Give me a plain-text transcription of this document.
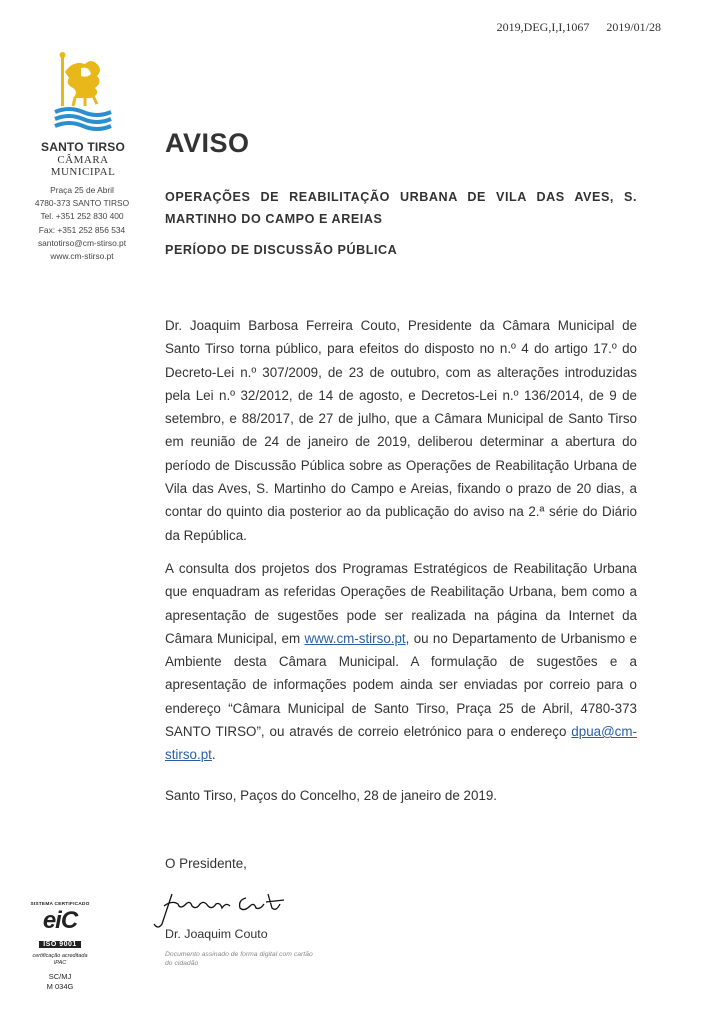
2019,DEG,I,I,1067 2019/01/28
SANTO TIRSO
CÂMARA MUNICIPAL
Praça 25 de Abril
4780-373 SANTO TIRSO
Tel. +351 252 830 400
Fax: +351 252 856 534
santotirso@cm-stirso.pt
www.cm-stirso.pt
AVISO
OPERAÇÕES DE REABILITAÇÃO URBANA DE VILA DAS AVES, S. MARTINHO DO CAMPO E AREIAS
PERÍODO DE DISCUSSÃO PÚBLICA

Dr. Joaquim Barbosa Ferreira Couto, Presidente da Câmara Municipal de Santo Tirso torna público, para efeitos do disposto no n.º 4 do artigo 17.º do Decreto-Lei n.º 307/2009, de 23 de outubro, com as alterações introduzidas pela Lei n.º 32/2012, de 14 de agosto, e Decretos-Lei n.º 136/2014, de 9 de setembro, e 88/2017, de 27 de julho, que a Câmara Municipal de Santo Tirso em reunião de 24 de janeiro de 2019, deliberou determinar a abertura do período de Discussão Pública sobre as Operações de Reabilitação Urbana de Vila das Aves, S. Martinho do Campo e Areias, fixando o prazo de 20 dias, a contar do quinto dia posterior ao da publicação do aviso na 2.ª série do Diário da República.

A consulta dos projetos dos Programas Estratégicos de Reabilitação Urbana que enquadram as referidas Operações de Reabilitação Urbana, bem como a apresentação de sugestões pode ser realizada na página da Internet da Câmara Municipal, em www.cm-stirso.pt, ou no Departamento de Urbanismo e Ambiente desta Câmara Municipal. A formulação de sugestões e a apresentação de informações podem ainda ser enviadas por correio para o endereço “Câmara Municipal de Santo Tirso, Praça 25 de Abril, 4780-373 SANTO TIRSO”, ou através de correio eletrónico para o endereço dpua@cm-stirso.pt.

Santo Tirso, Paços do Concelho, 28 de janeiro de 2019.
O Presidente,
Dr. Joaquim Couto
Documento assinado de forma digital com cartão do cidadão
SISTEMA CERTIFICADO
eiC
ISO 9001
certificação acreditada IPAC
SC/MJ
M 034G
